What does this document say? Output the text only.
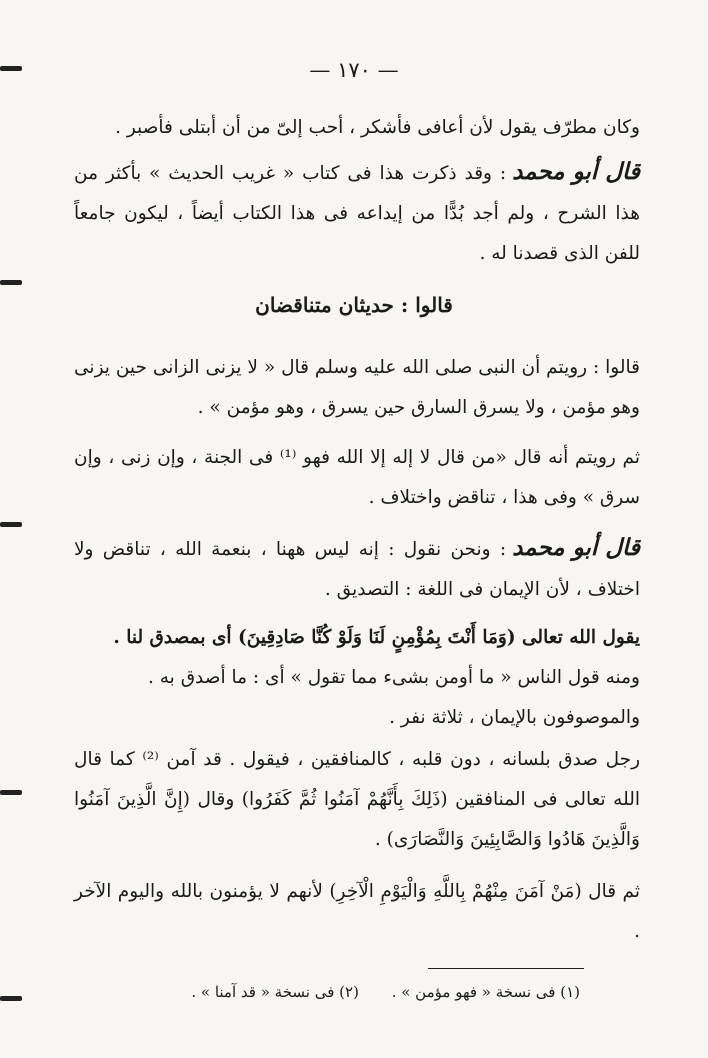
— ١٧٠ —

وكان مطرّف يقول لأن أعافى فأشكر ، أحب إلىّ من أن أبتلى فأصبر .

قال أبو محمد: وقد ذكرت هذا فى كتاب « غريب الحديث » بأكثر من هذا الشرح ، ولم أجد بُدًّا من إيداعه فى هذا الكتاب أيضاً ، ليكون جامعاً للفن الذى قصدنا له .

قالوا : حديثان متناقضان

قالوا : رويتم أن النبى صلى الله عليه وسلم قال « لا يزنى الزانى حين يزنى وهو مؤمن ، ولا يسرق السارق حين يسرق ، وهو مؤمن » .

ثم رويتم أنه قال «من قال لا إله إلا الله فهو ⁽¹⁾ فى الجنة ، وإن زنى ، وإن سرق » وفى هذا ، تناقض واختلاف .

قال أبو محمد: ونحن نقول : إنه ليس ههنا ، بنعمة الله ، تناقض ولا اختلاف ، لأن الإيمان فى اللغة : التصديق .

يقول الله تعالى (وَمَا أَنْتَ بِمُؤْمِنٍ لَنَا وَلَوْ كُنَّا صَادِقِينَ) أى بمصدق لنا .

ومنه قول الناس « ما أومن بشىء مما تقول » أى : ما أصدق به .

والموصوفون بالإيمان ، ثلاثة نفر .

رجل صدق بلسانه ، دون قلبه ، كالمنافقين ، فيقول . قد آمن ⁽²⁾ كما قال الله تعالى فى المنافقين (ذَلِكَ بِأَنَّهُمْ آمَنُوا ثُمَّ كَفَرُوا) وقال (إِنَّ الَّذِينَ آمَنُوا وَالَّذِينَ هَادُوا وَالصَّابِئِينَ وَالنَّصَارَى) .

ثم قال (مَنْ آمَنَ مِنْهُمْ بِاللَّهِ وَالْيَوْمِ الْآخِرِ) لأنهم لا يؤمنون بالله واليوم الآخر .

(١) فى نسخة « فهو مؤمن » . (٢) فى نسخة « قد آمنا » .
